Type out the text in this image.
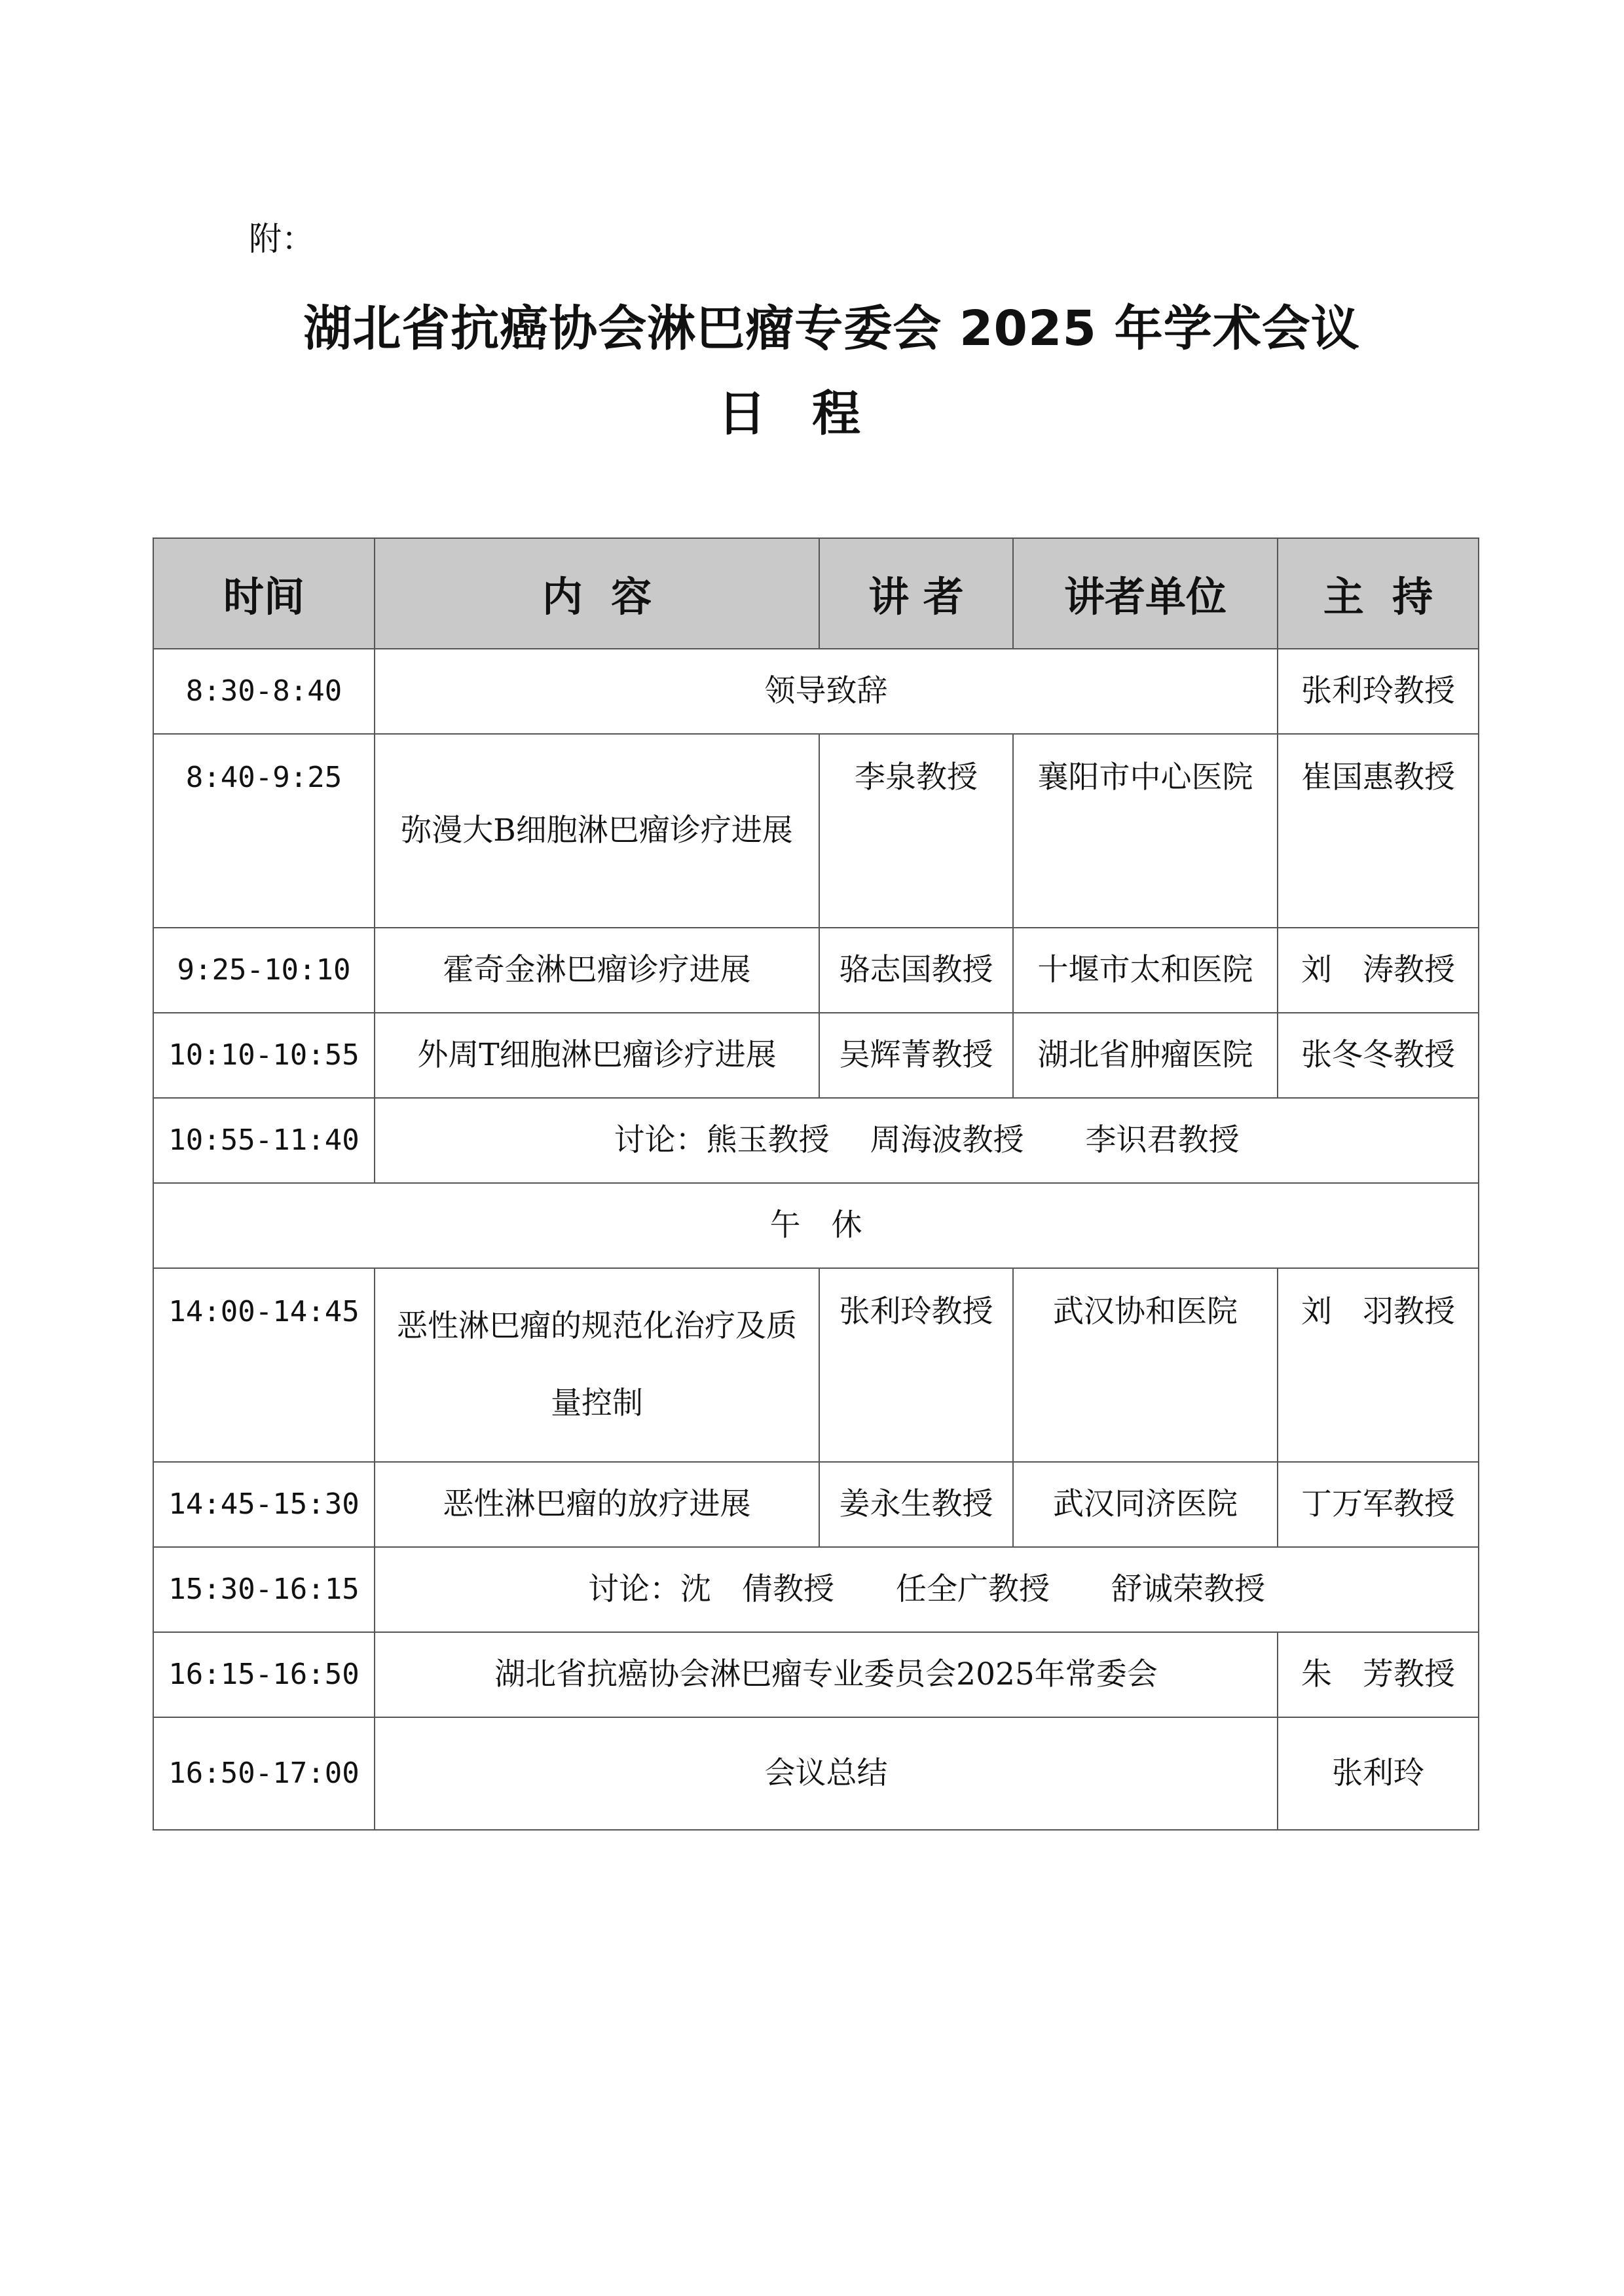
附：
湖北省抗癌协会淋巴瘤专委会 2025 年学术会议
日程
时间	内  容	讲 者	讲者单位	主  持
8:30-8:40	领导致辞			张利玲教授
8:40-9:25	弥漫大B细胞淋巴瘤诊疗进展	李泉教授	襄阳市中心医院	崔国惠教授
9:25-10:10	霍奇金淋巴瘤诊疗进展	骆志国教授	十堰市太和医院	刘　涛教授
10:10-10:55	外周T细胞淋巴瘤诊疗进展	吴辉菁教授	湖北省肿瘤医院	张冬冬教授
10:55-11:40	讨论：熊玉教授　 周海波教授　　李识君教授			
午　休				
14:00-14:45	恶性淋巴瘤的规范化治疗及质量控制	张利玲教授	武汉协和医院	刘　羽教授
14:45-15:30	恶性淋巴瘤的放疗进展	姜永生教授	武汉同济医院	丁万军教授
15:30-16:15	讨论：沈　倩教授　　任全广教授　　舒诚荣教授			
16:15-16:50	湖北省抗癌协会淋巴瘤专业委员会2025年常委会			朱　芳教授
16:50-17:00	会议总结			张利玲
